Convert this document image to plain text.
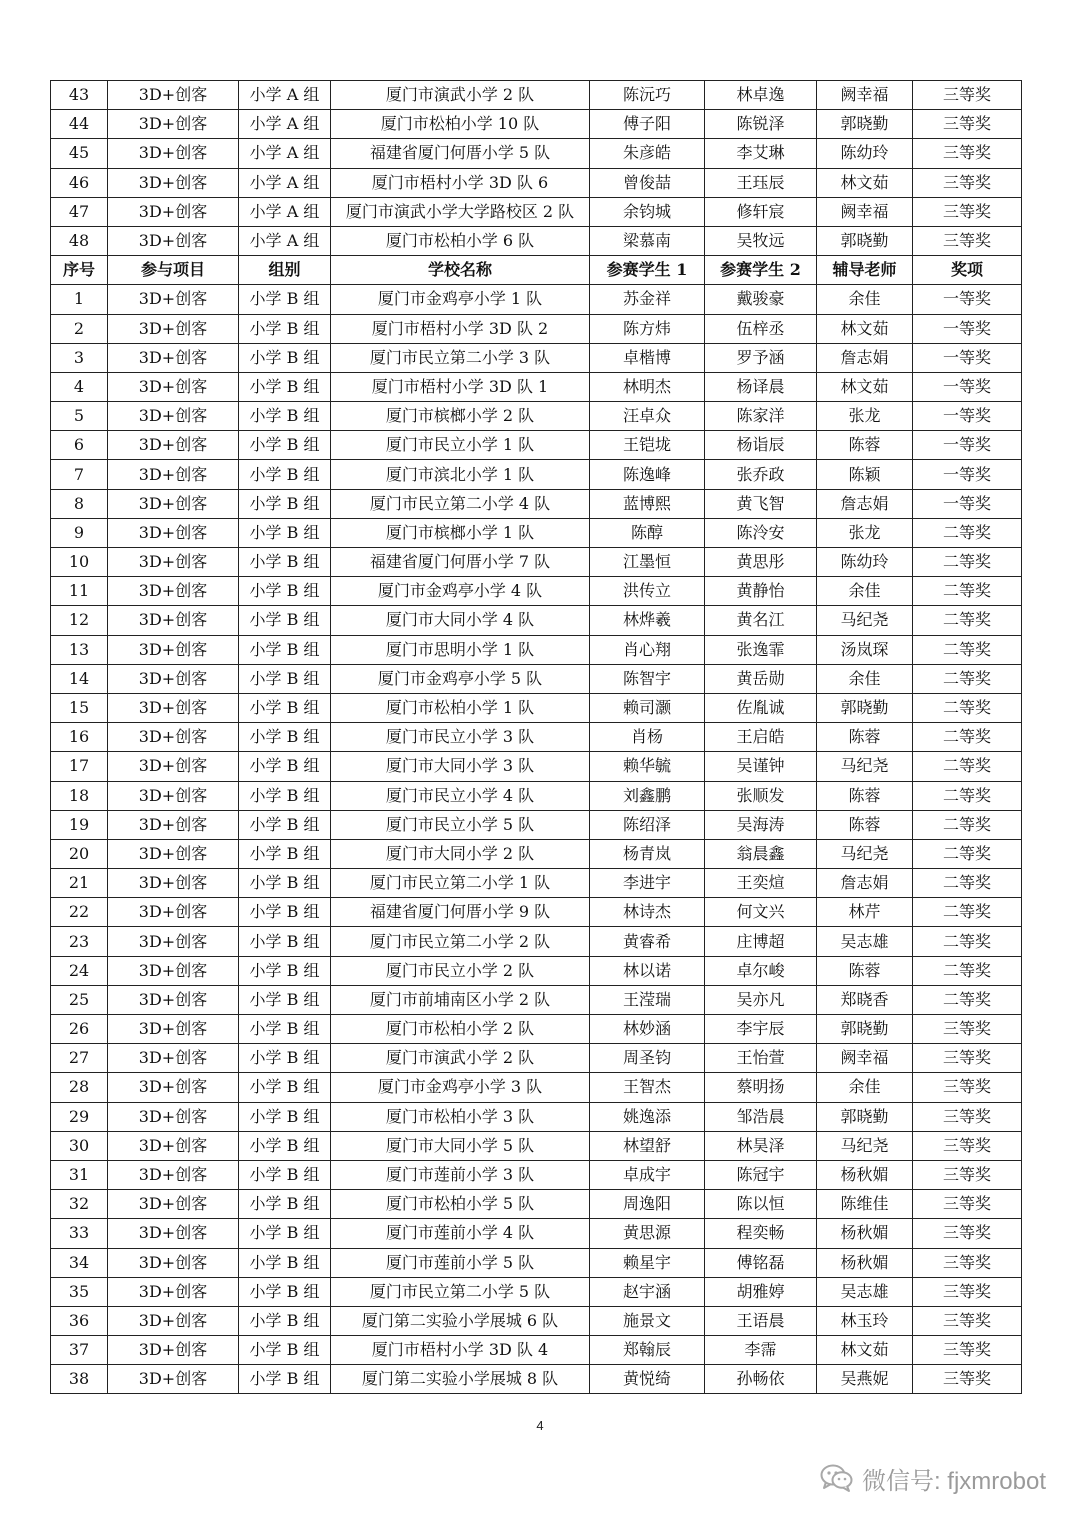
43	3D+创客	小学 A 组	厦门市演武小学 2 队	陈沅巧	林卓逸	阙幸福	三等奖
44	3D+创客	小学 A 组	厦门市松柏小学 10 队	傅子阳	陈锐泽	郭晓勤	三等奖
45	3D+创客	小学 A 组	福建省厦门何厝小学 5 队	朱彦皓	李艾琳	陈幼玲	三等奖
46	3D+创客	小学 A 组	厦门市梧村小学 3D 队 6	曾俊喆	王珏辰	林文茹	三等奖
47	3D+创客	小学 A 组	厦门市演武小学大学路校区 2 队	余钧城	修轩宸	阙幸福	三等奖
48	3D+创客	小学 A 组	厦门市松柏小学 6 队	梁慕南	吴牧远	郭晓勤	三等奖
序号	参与项目	组别	学校名称	参赛学生 1	参赛学生 2	辅导老师	奖项
1	3D+创客	小学 B 组	厦门市金鸡亭小学 1 队	苏金祥	戴骏豪	余佳	一等奖
2	3D+创客	小学 B 组	厦门市梧村小学 3D 队 2	陈方炜	伍梓丞	林文茹	一等奖
3	3D+创客	小学 B 组	厦门市民立第二小学 3 队	卓楷博	罗予涵	詹志娟	一等奖
4	3D+创客	小学 B 组	厦门市梧村小学 3D 队 1	林明杰	杨译晨	林文茹	一等奖
5	3D+创客	小学 B 组	厦门市槟榔小学 2 队	汪卓众	陈家洋	张龙	一等奖
6	3D+创客	小学 B 组	厦门市民立小学 1 队	王铠垅	杨诣辰	陈蓉	一等奖
7	3D+创客	小学 B 组	厦门市滨北小学 1 队	陈逸峰	张乔政	陈颖	一等奖
8	3D+创客	小学 B 组	厦门市民立第二小学 4 队	蓝博熙	黄飞智	詹志娟	一等奖
9	3D+创客	小学 B 组	厦门市槟榔小学 1 队	陈醇	陈泠安	张龙	二等奖
10	3D+创客	小学 B 组	福建省厦门何厝小学 7 队	江墨恒	黄思彤	陈幼玲	二等奖
11	3D+创客	小学 B 组	厦门市金鸡亭小学 4 队	洪传立	黄静怡	余佳	二等奖
12	3D+创客	小学 B 组	厦门市大同小学 4 队	林烨羲	黄名江	马纪尧	二等奖
13	3D+创客	小学 B 组	厦门市思明小学 1 队	肖心翔	张逸霏	汤岚琛	二等奖
14	3D+创客	小学 B 组	厦门市金鸡亭小学 5 队	陈智宇	黄岳勋	余佳	二等奖
15	3D+创客	小学 B 组	厦门市松柏小学 1 队	赖司灏	佐胤诚	郭晓勤	二等奖
16	3D+创客	小学 B 组	厦门市民立小学 3 队	肖杨	王启皓	陈蓉	二等奖
17	3D+创客	小学 B 组	厦门市大同小学 3 队	赖华毓	吴谨钟	马纪尧	二等奖
18	3D+创客	小学 B 组	厦门市民立小学 4 队	刘鑫鹏	张顺发	陈蓉	二等奖
19	3D+创客	小学 B 组	厦门市民立小学 5 队	陈绍泽	吴海涛	陈蓉	二等奖
20	3D+创客	小学 B 组	厦门市大同小学 2 队	杨青岚	翁晨鑫	马纪尧	二等奖
21	3D+创客	小学 B 组	厦门市民立第二小学 1 队	李进宇	王奕煊	詹志娟	二等奖
22	3D+创客	小学 B 组	福建省厦门何厝小学 9 队	林诗杰	何文兴	林芹	二等奖
23	3D+创客	小学 B 组	厦门市民立第二小学 2 队	黄睿希	庄博超	吴志雄	二等奖
24	3D+创客	小学 B 组	厦门市民立小学 2 队	林以诺	卓尔峻	陈蓉	二等奖
25	3D+创客	小学 B 组	厦门市前埔南区小学 2 队	王滢瑞	吴亦凡	郑晓香	二等奖
26	3D+创客	小学 B 组	厦门市松柏小学 2 队	林妙涵	李宇辰	郭晓勤	三等奖
27	3D+创客	小学 B 组	厦门市演武小学 2 队	周圣钧	王怡萱	阙幸福	三等奖
28	3D+创客	小学 B 组	厦门市金鸡亭小学 3 队	王智杰	蔡明扬	余佳	三等奖
29	3D+创客	小学 B 组	厦门市松柏小学 3 队	姚逸添	邹浩晨	郭晓勤	三等奖
30	3D+创客	小学 B 组	厦门市大同小学 5 队	林望舒	林昊泽	马纪尧	三等奖
31	3D+创客	小学 B 组	厦门市莲前小学 3 队	卓成宇	陈冠宇	杨秋媚	三等奖
32	3D+创客	小学 B 组	厦门市松柏小学 5 队	周逸阳	陈以恒	陈维佳	三等奖
33	3D+创客	小学 B 组	厦门市莲前小学 4 队	黄思源	程奕畅	杨秋媚	三等奖
34	3D+创客	小学 B 组	厦门市莲前小学 5 队	赖星宇	傅铭磊	杨秋媚	三等奖
35	3D+创客	小学 B 组	厦门市民立第二小学 5 队	赵宇涵	胡雅婷	吴志雄	三等奖
36	3D+创客	小学 B 组	厦门第二实验小学展城 6 队	施景文	王语晨	林玉玲	三等奖
37	3D+创客	小学 B 组	厦门市梧村小学 3D 队 4	郑翰辰	李霈	林文茹	三等奖
38	3D+创客	小学 B 组	厦门第二实验小学展城 8 队	黄悦绮	孙畅依	吴燕妮	三等奖
4
微信号: fjxmrobot
